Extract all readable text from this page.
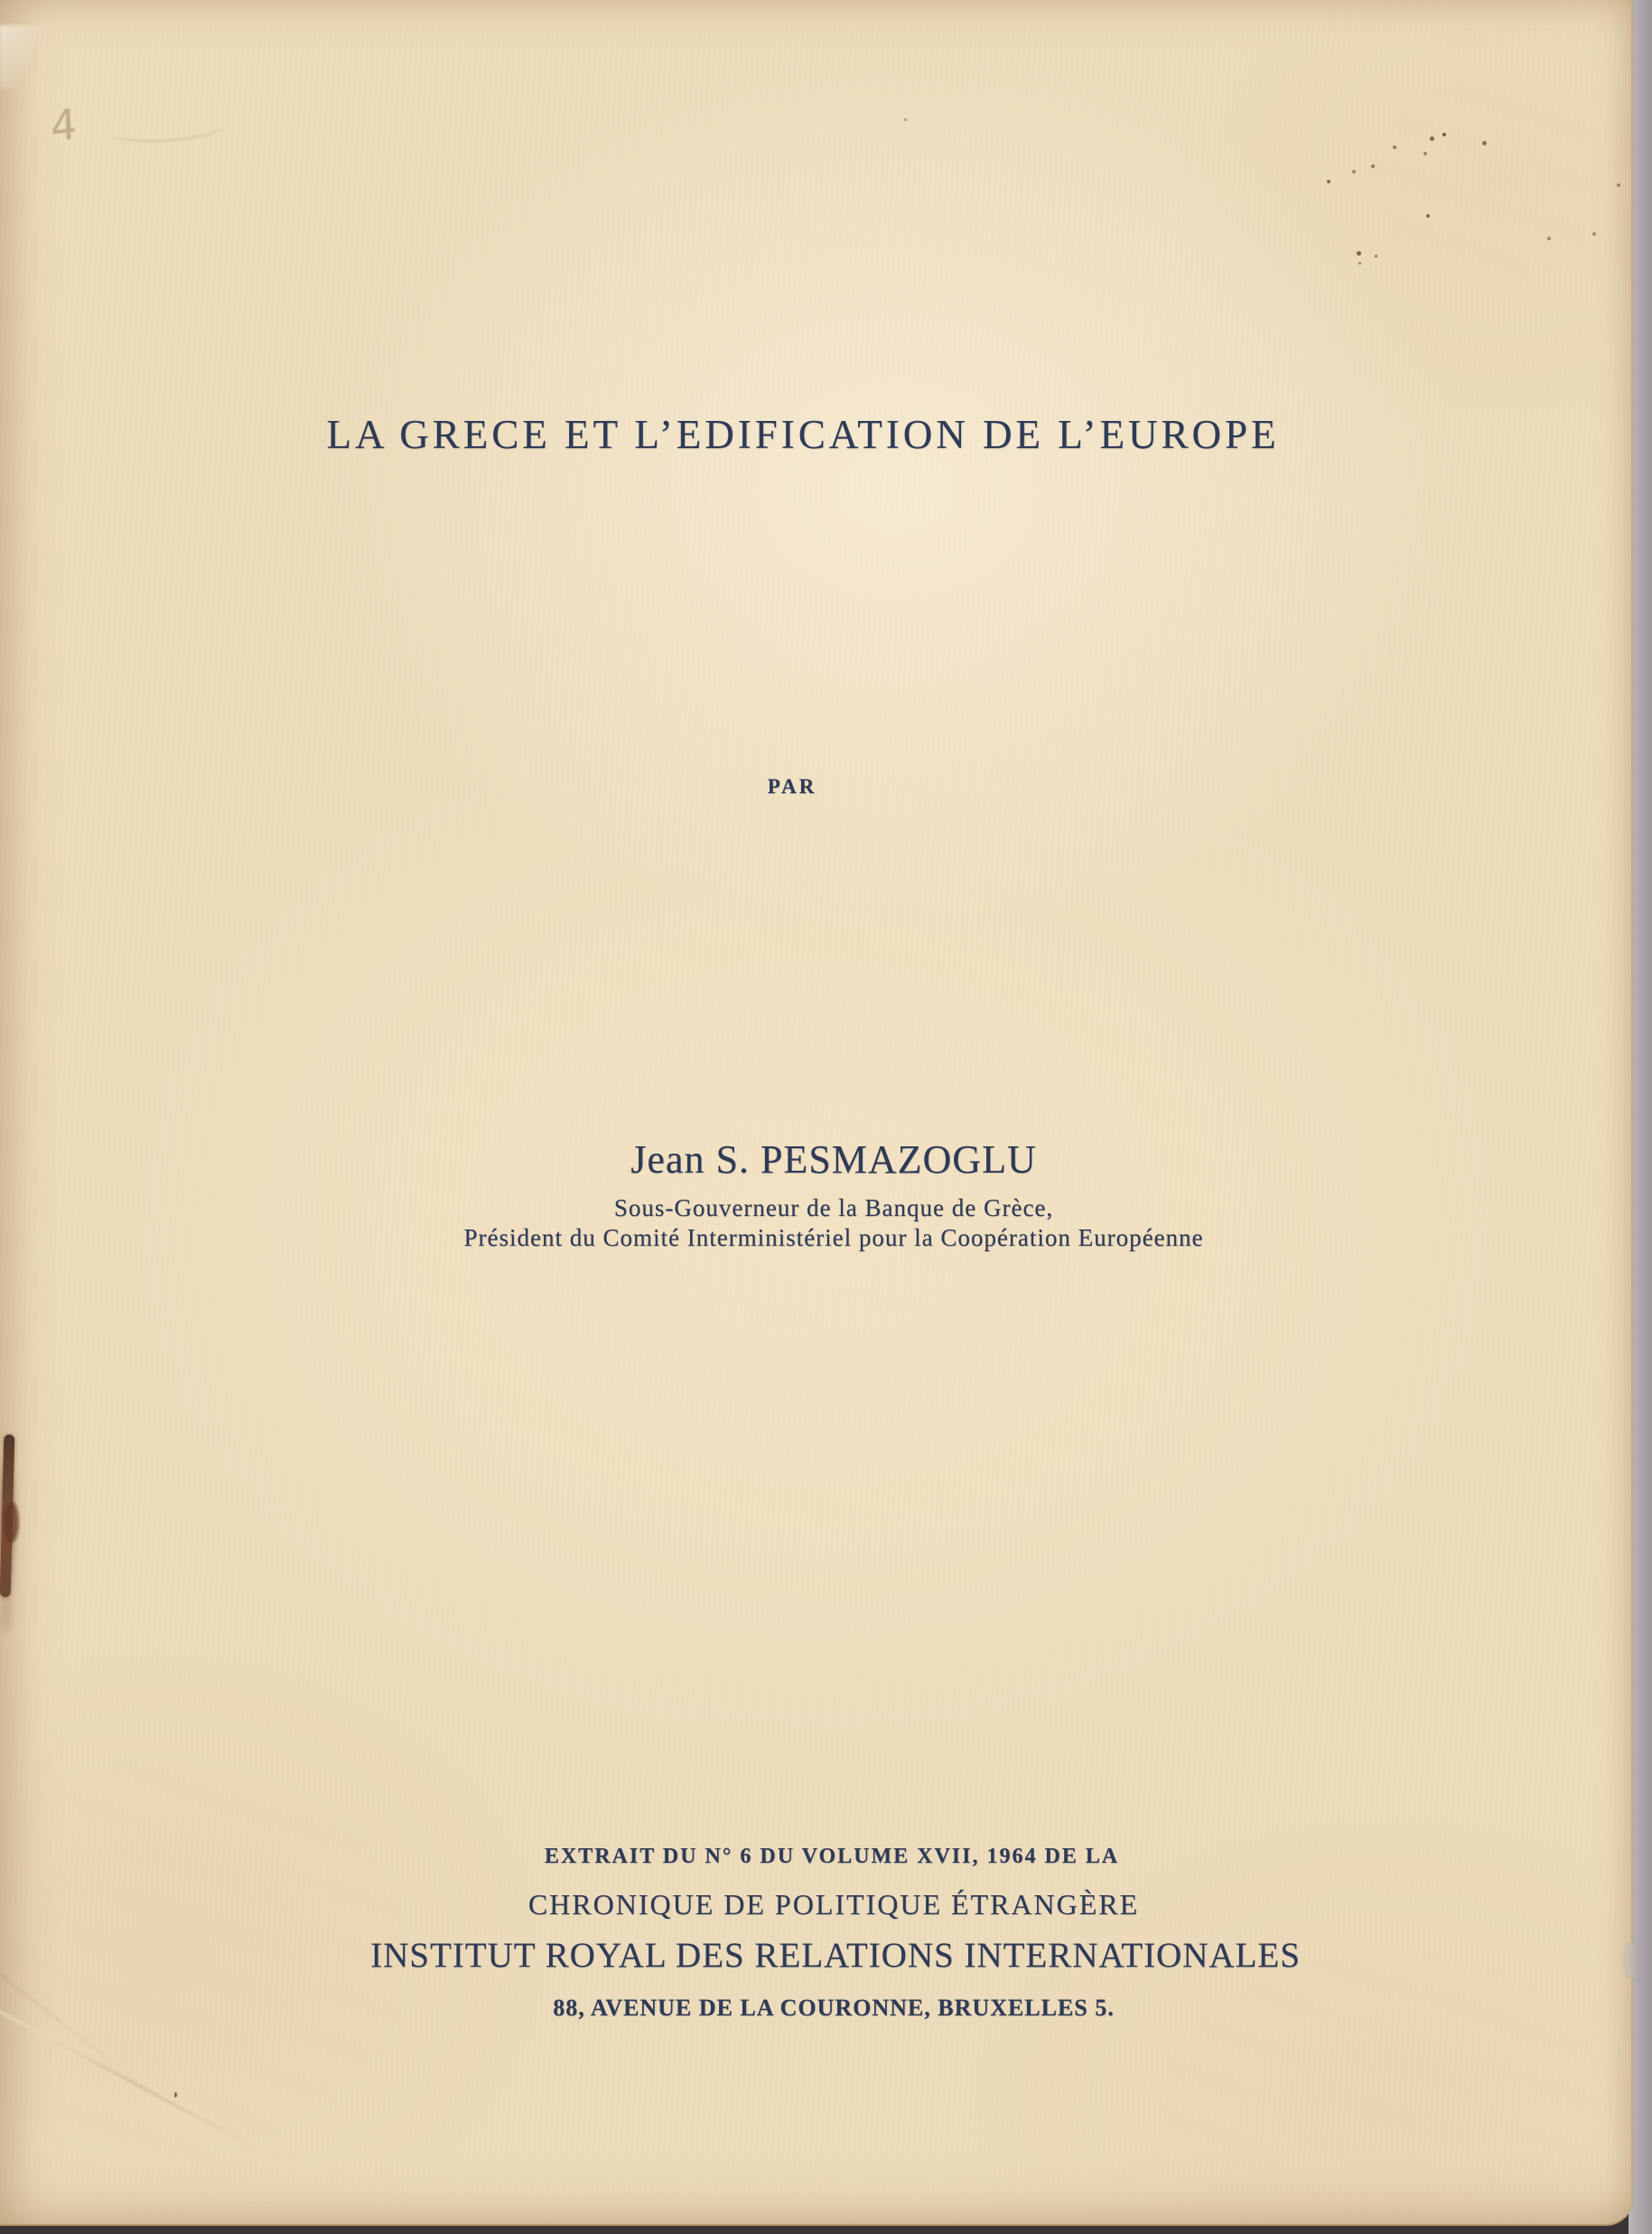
4
LA GRECE ET L’EDIFICATION DE L’EUROPE
PAR
Jean S. PESMAZOGLU
Sous-Gouverneur de la Banque de Grèce,
Président du Comité Interministériel pour la Coopération Européenne
EXTRAIT DU N° 6 DU VOLUME XVII, 1964 DE LA
CHRONIQUE DE POLITIQUE ÉTRANGÈRE
INSTITUT ROYAL DES RELATIONS INTERNATIONALES
88, AVENUE DE LA COURONNE, BRUXELLES 5.
